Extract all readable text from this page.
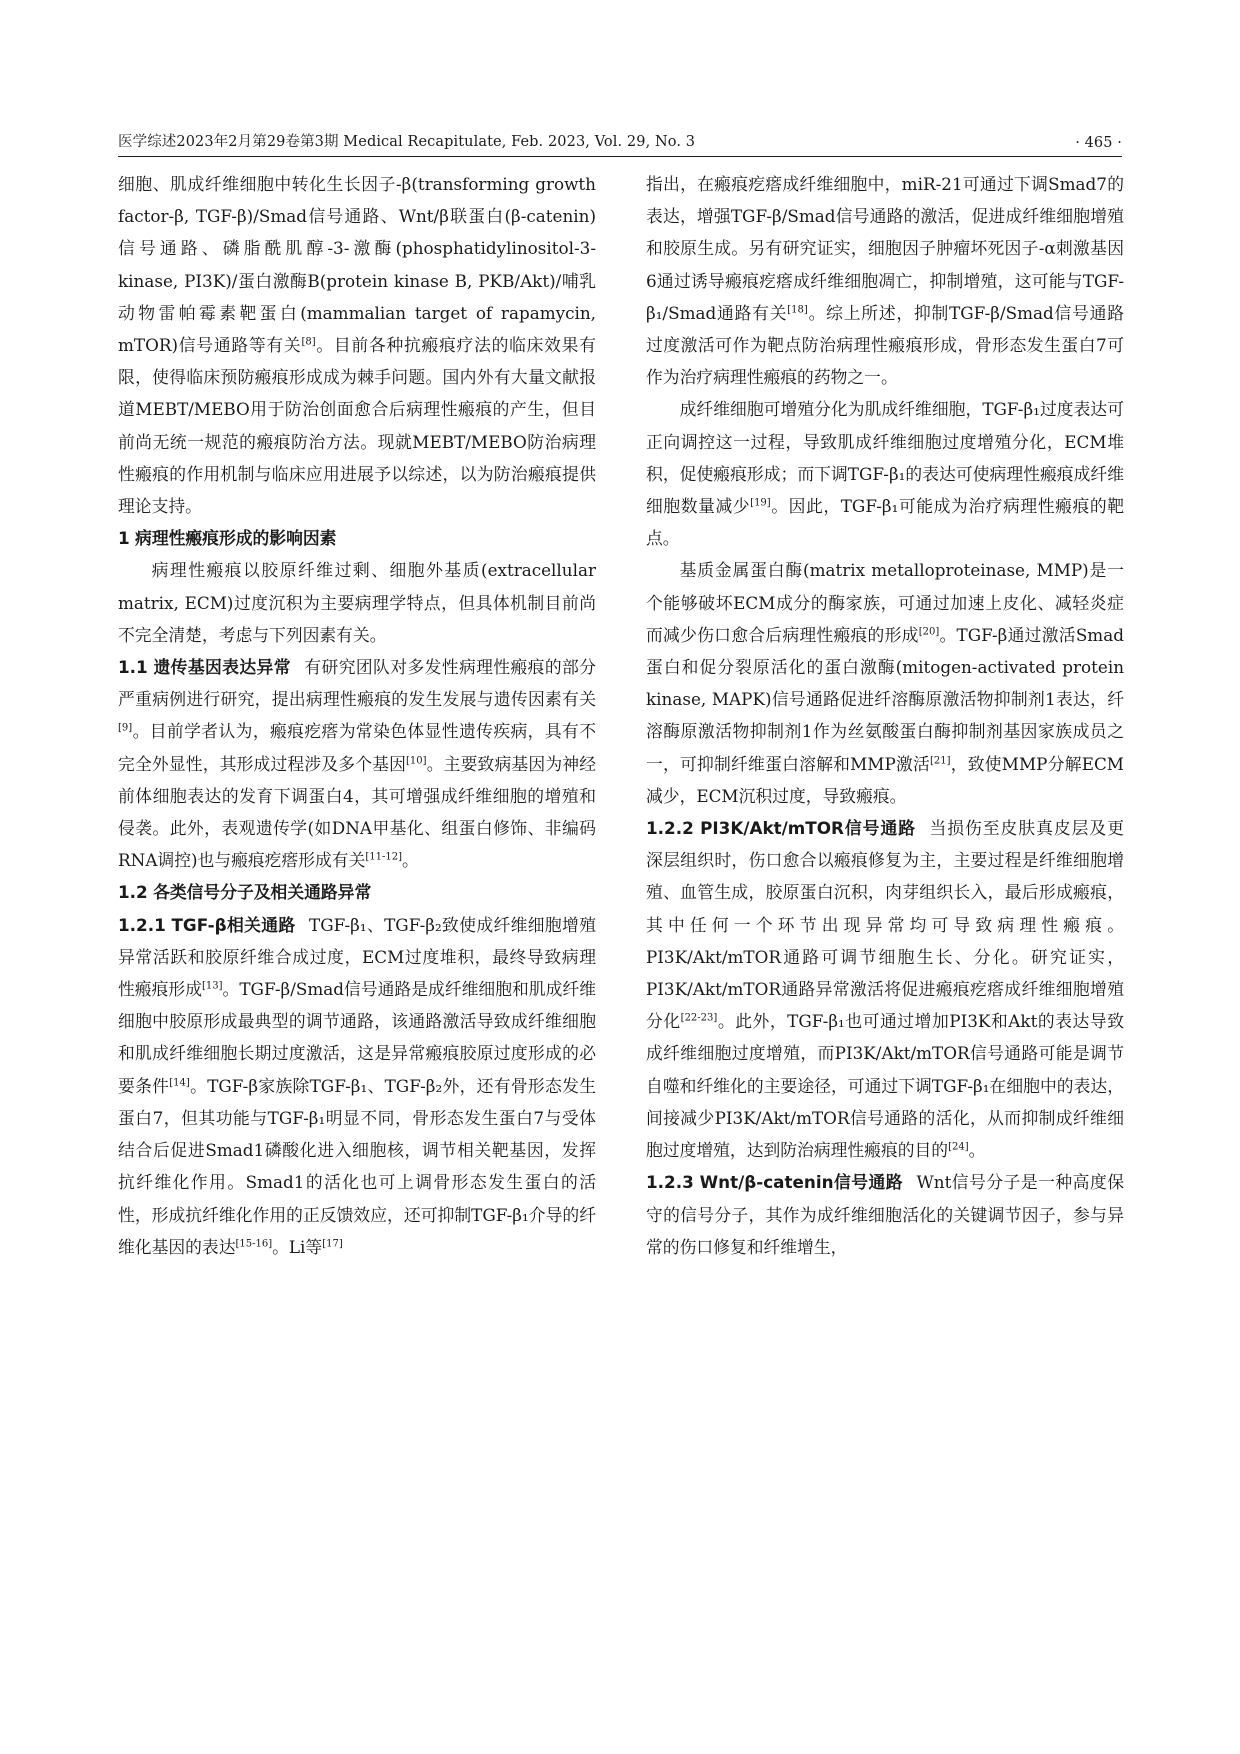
医学综述2023年2月第29卷第3期 Medical Recapitulate, Feb. 2023, Vol. 29, No. 3	· 465 ·

细胞、肌成纤维细胞中转化生长因子-β(transforming growth factor-β, TGF-β)/Smad信号通路、Wnt/β联蛋白(β-catenin)信号通路、磷脂酰肌醇-3-激酶(phosphatidylinositol-3-kinase, PI3K)/蛋白激酶B(protein kinase B, PKB/Akt)/哺乳动物雷帕霉素靶蛋白(mammalian target of rapamycin, mTOR)信号通路等有关[8]。目前各种抗瘢痕疗法的临床效果有限，使得临床预防瘢痕形成成为棘手问题。国内外有大量文献报道MEBT/MEBO用于防治创面愈合后病理性瘢痕的产生，但目前尚无统一规范的瘢痕防治方法。现就MEBT/MEBO防治病理性瘢痕的作用机制与临床应用进展予以综述，以为防治瘢痕提供理论支持。

1 病理性瘢痕形成的影响因素

病理性瘢痕以胶原纤维过剩、细胞外基质(extracellular matrix, ECM)过度沉积为主要病理学特点，但具体机制目前尚不完全清楚，考虑与下列因素有关。

1.1 遗传基因表达异常 有研究团队对多发性病理性瘢痕的部分严重病例进行研究，提出病理性瘢痕的发生发展与遗传因素有关[9]。目前学者认为，瘢痕疙瘩为常染色体显性遗传疾病，具有不完全外显性，其形成过程涉及多个基因[10]。主要致病基因为神经前体细胞表达的发育下调蛋白4，其可增强成纤维细胞的增殖和侵袭。此外，表观遗传学(如DNA甲基化、组蛋白修饰、非编码RNA调控)也与瘢痕疙瘩形成有关[11-12]。

1.2 各类信号分子及相关通路异常

1.2.1 TGF-β相关通路 TGF-β₁、TGF-β₂致使成纤维细胞增殖异常活跃和胶原纤维合成过度，ECM过度堆积，最终导致病理性瘢痕形成[13]。TGF-β/Smad信号通路是成纤维细胞和肌成纤维细胞中胶原形成最典型的调节通路，该通路激活导致成纤维细胞和肌成纤维细胞长期过度激活，这是异常瘢痕胶原过度形成的必要条件[14]。TGF-β家族除TGF-β₁、TGF-β₂外，还有骨形态发生蛋白7，但其功能与TGF-β₁明显不同，骨形态发生蛋白7与受体结合后促进Smad1磷酸化进入细胞核，调节相关靶基因，发挥抗纤维化作用。Smad1的活化也可上调骨形态发生蛋白的活性，形成抗纤维化作用的正反馈效应，还可抑制TGF-β₁介导的纤维化基因的表达[15-16]。Li等[17]

指出，在瘢痕疙瘩成纤维细胞中，miR-21可通过下调Smad7的表达，增强TGF-β/Smad信号通路的激活，促进成纤维细胞增殖和胶原生成。另有研究证实，细胞因子肿瘤坏死因子-α刺激基因6通过诱导瘢痕疙瘩成纤维细胞凋亡，抑制增殖，这可能与TGF-β₁/Smad通路有关[18]。综上所述，抑制TGF-β/Smad信号通路过度激活可作为靶点防治病理性瘢痕形成，骨形态发生蛋白7可作为治疗病理性瘢痕的药物之一。

成纤维细胞可增殖分化为肌成纤维细胞，TGF-β₁过度表达可正向调控这一过程，导致肌成纤维细胞过度增殖分化，ECM堆积，促使瘢痕形成；而下调TGF-β₁的表达可使病理性瘢痕成纤维细胞数量减少[19]。因此，TGF-β₁可能成为治疗病理性瘢痕的靶点。

基质金属蛋白酶(matrix metalloproteinase, MMP)是一个能够破坏ECM成分的酶家族，可通过加速上皮化、减轻炎症而减少伤口愈合后病理性瘢痕的形成[20]。TGF-β通过激活Smad蛋白和促分裂原活化的蛋白激酶(mitogen-activated protein kinase, MAPK)信号通路促进纤溶酶原激活物抑制剂1表达，纤溶酶原激活物抑制剂1作为丝氨酸蛋白酶抑制剂基因家族成员之一，可抑制纤维蛋白溶解和MMP激活[21]，致使MMP分解ECM减少，ECM沉积过度，导致瘢痕。

1.2.2 PI3K/Akt/mTOR信号通路 当损伤至皮肤真皮层及更深层组织时，伤口愈合以瘢痕修复为主，主要过程是纤维细胞增殖、血管生成，胶原蛋白沉积，肉芽组织长入，最后形成瘢痕，其中任何一个环节出现异常均可导致病理性瘢痕。PI3K/Akt/mTOR通路可调节细胞生长、分化。研究证实，PI3K/Akt/mTOR通路异常激活将促进瘢痕疙瘩成纤维细胞增殖分化[22-23]。此外，TGF-β₁也可通过增加PI3K和Akt的表达导致成纤维细胞过度增殖，而PI3K/Akt/mTOR信号通路可能是调节自噬和纤维化的主要途径，可通过下调TGF-β₁在细胞中的表达，间接减少PI3K/Akt/mTOR信号通路的活化，从而抑制成纤维细胞过度增殖，达到防治病理性瘢痕的目的[24]。

1.2.3 Wnt/β-catenin信号通路 Wnt信号分子是一种高度保守的信号分子，其作为成纤维细胞活化的关键调节因子，参与异常的伤口修复和纤维增生，
